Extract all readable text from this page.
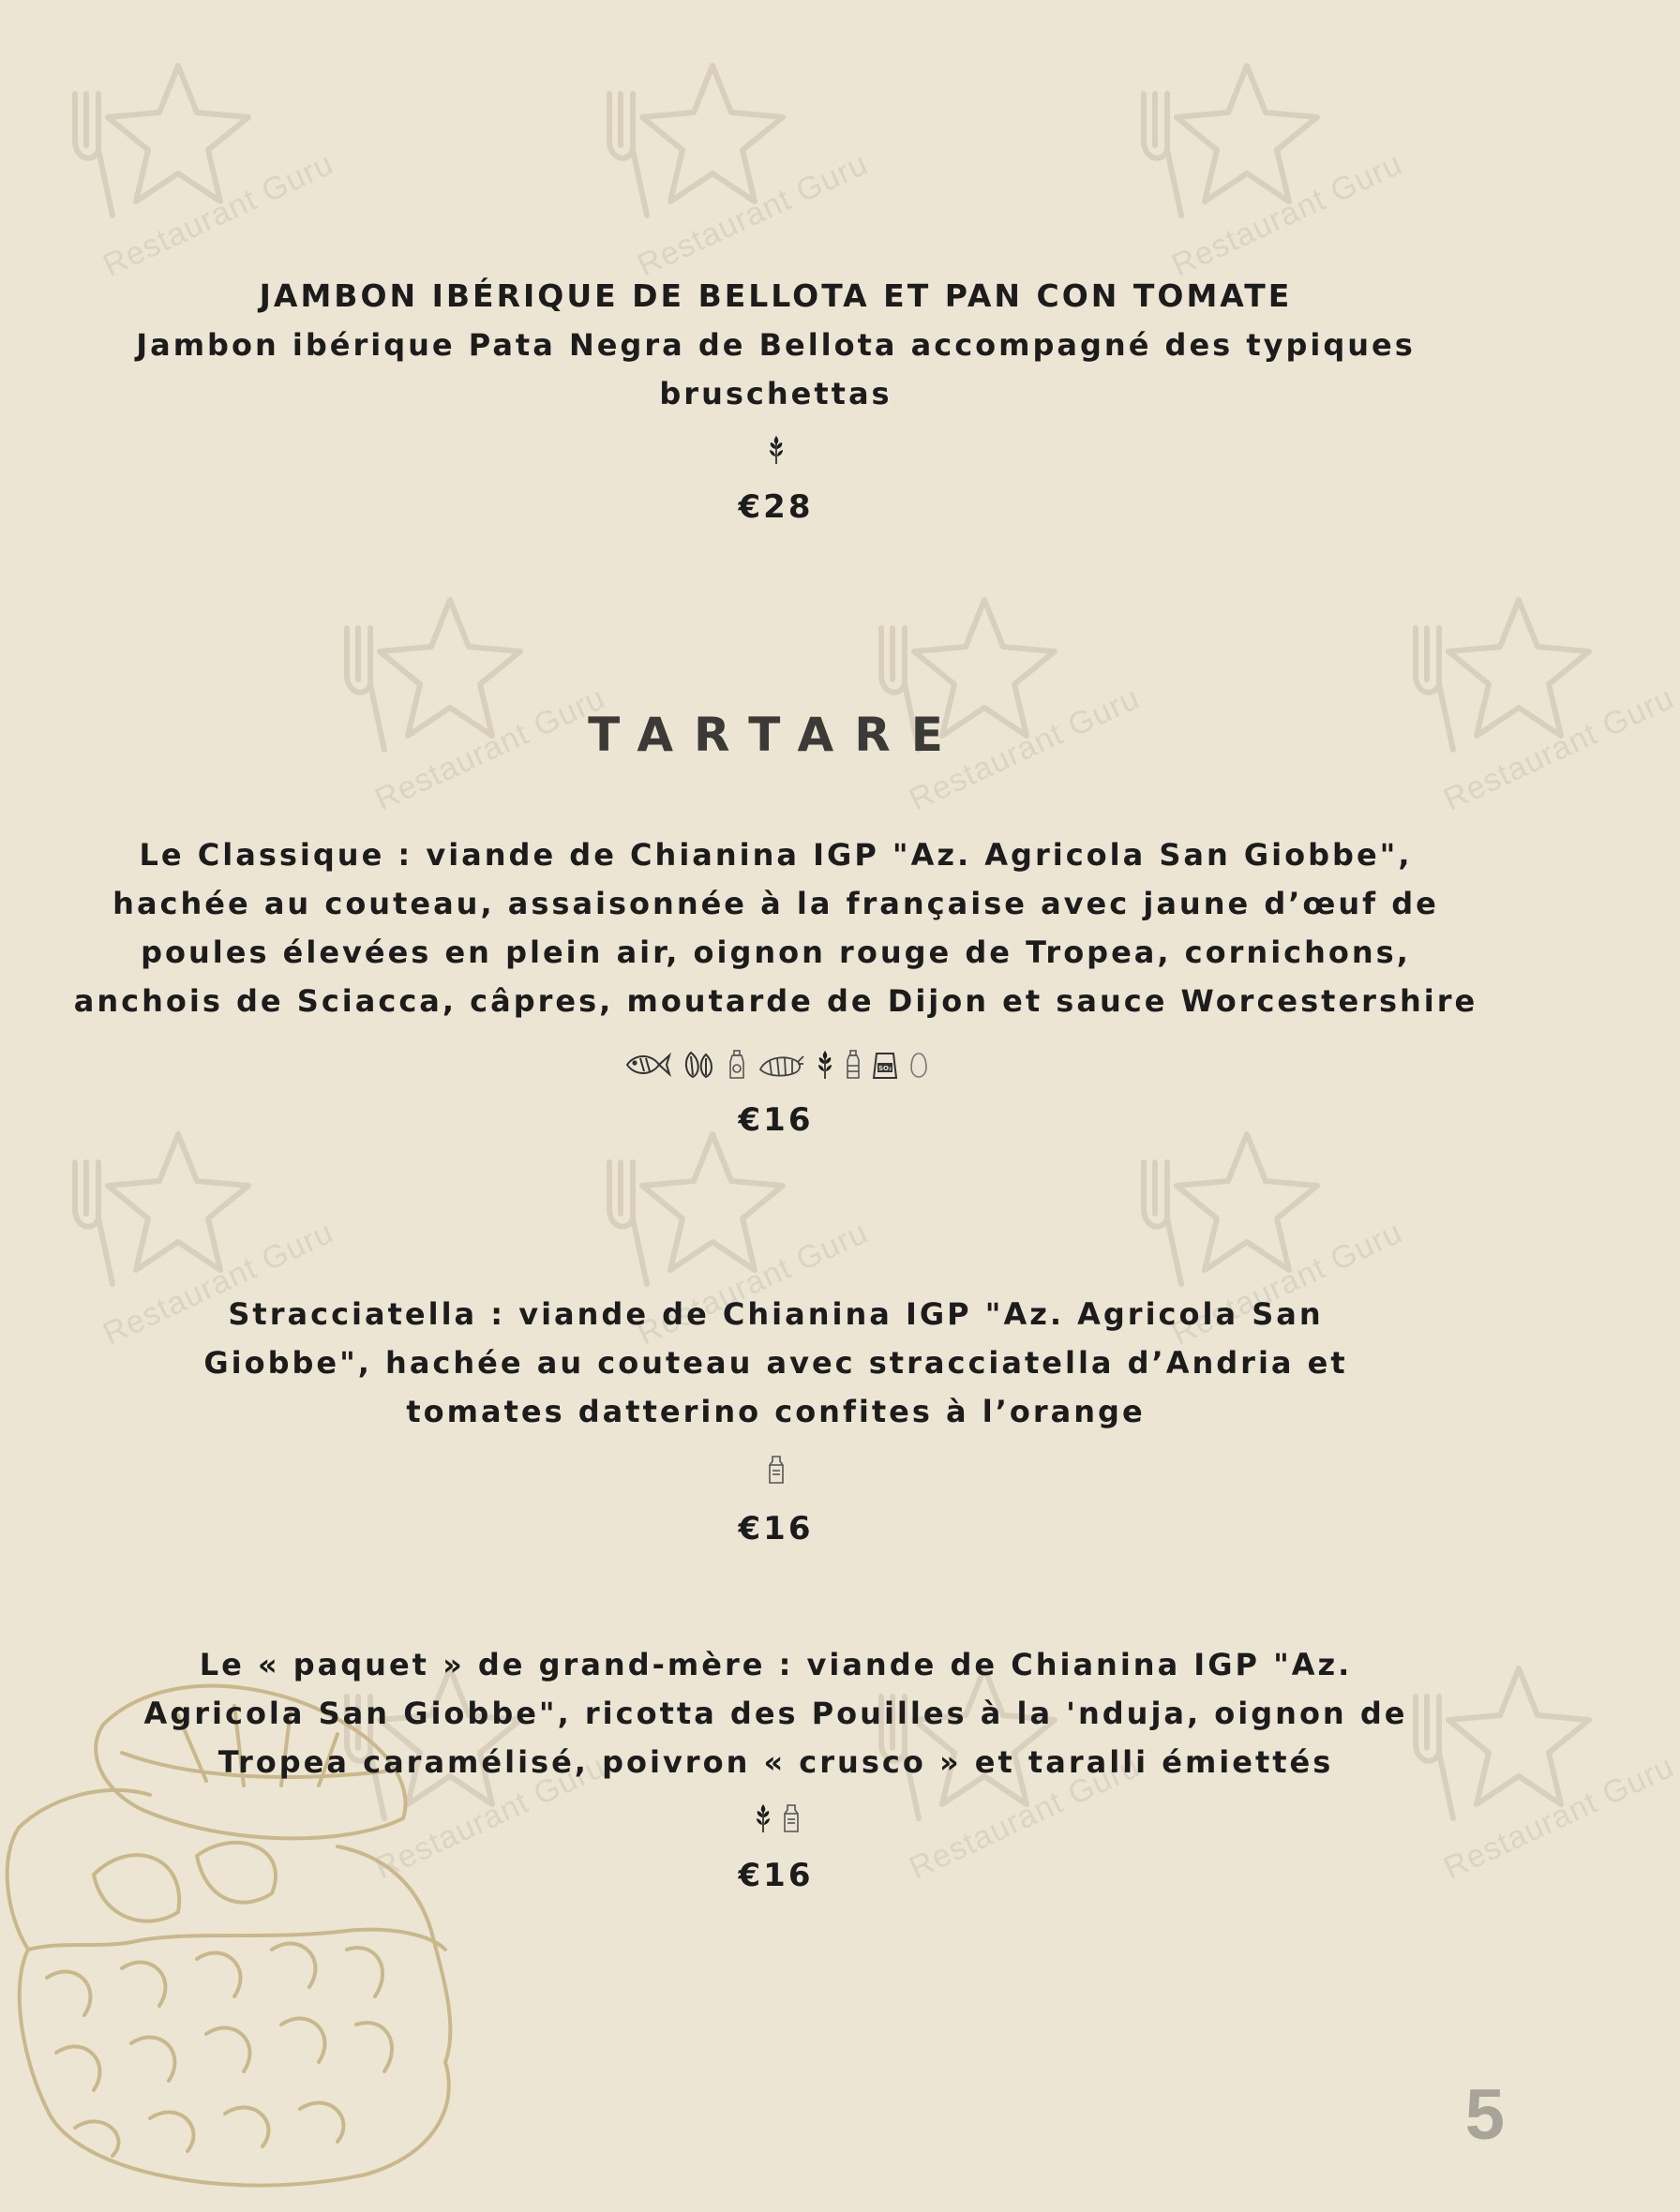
Restaurant Guru	Restaurant Guru	Restaurant Guru
Restaurant Guru	Restaurant Guru	Restaurant Guru
Restaurant Guru	Restaurant Guru	Restaurant Guru
Restaurant Guru	Restaurant Guru	Restaurant Guru
JAMBON IBÉRIQUE DE BELLOTA ET PAN CON TOMATE
Jambon ibérique Pata Negra de Bellota accompagné des typiques
bruschettas
€28
TARTARE
Le Classique : viande de Chianina IGP "Az. Agricola San Giobbe",
hachée au couteau, assaisonnée à la française avec jaune d’œuf de
poules élevées en plein air, oignon rouge de Tropea, cornichons,
anchois de Sciacca, câpres, moutarde de Dijon et sauce Worcestershire
SO₂
€16
Stracciatella : viande de Chianina IGP "Az. Agricola San
Giobbe", hachée au couteau avec stracciatella d’Andria et
tomates datterino confites à l’orange
€16
Le « paquet » de grand-mère : viande de Chianina IGP "Az.
Agricola San Giobbe", ricotta des Pouilles à la 'nduja, oignon de
Tropea caramélisé, poivron « crusco » et taralli émiettés
€16
5
